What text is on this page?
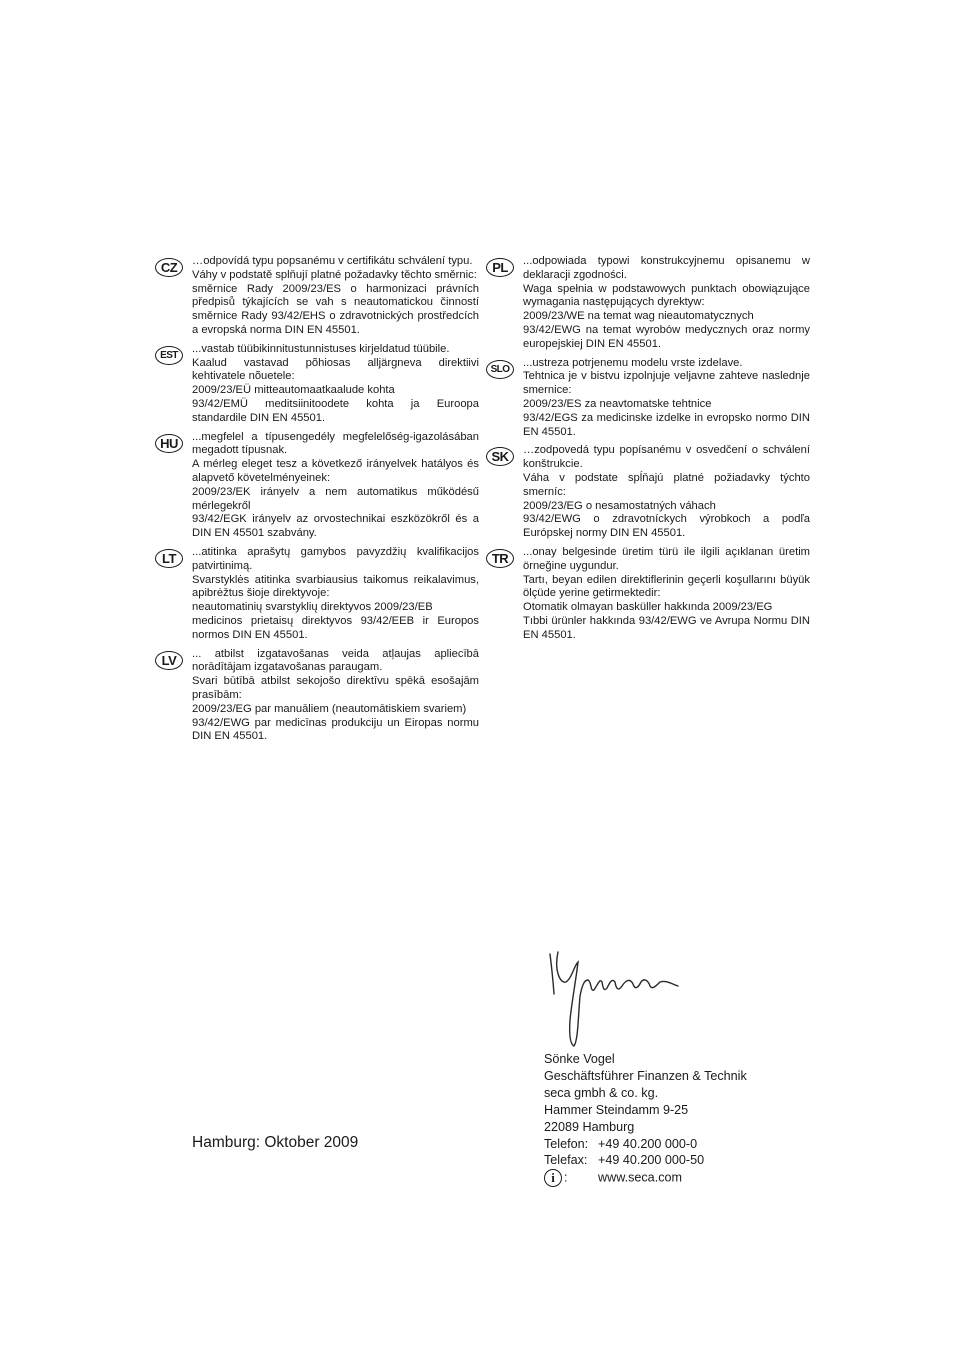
CZ	…odpovídá typu popsanému v certifikátu schválení typu.

Váhy v podstatě splňují platné požadavky těchto směrnic:

směrnice Rady 2009/23/ES o harmonizaci právních předpisů týkajících se vah s neautomatickou činností směrnice Rady 93/42/EHS o zdravotnických prostředcích a evropská norma DIN EN 45501.

EST

...vastab tüübikinnitustunnistuses kirjeldatud tüübile.

Kaalud vastavad põhiosas alljärgneva direktiivi kehtivatele nõuetele:

2009/23/EÜ mitteautomaatkaalude kohta

93/42/EMÜ meditsiinitoodete kohta ja Euroopa standardile DIN EN 45501.

HU	...megfelel a típusengedély megfelelőség-igazolásában megadott típusnak.

A mérleg eleget tesz a következő irányelvek hatályos és alapvető követelményeinek:

2009/23/EK irányelv a nem automatikus működésű mérlegekről

93/42/EGK irányelv az orvostechnikai eszközökről és a DIN EN 45501 szabvány.

LT	...atitinka aprašytų gamybos pavyzdžių kvalifikacijos patvirtinimą.

Svarstyklės atitinka svarbiausius taikomus reikalavimus, apibrėžtus šioje direktyvoje:

neautomatinių svarstyklių direktyvos 2009/23/EB

medicinos prietaisų direktyvos 93/42/EEB ir Europos normos DIN EN 45501.

LV	... atbilst izgatavošanas veida atļaujas apliecībā norādītājam izgatavošanas paraugam.

Svari būtībā atbilst sekojošo direktīvu spēkā esošajām prasībām:

2009/23/EG par manuāliem (neautomātiskiem svariem)

93/42/EWG par medicīnas produkciju un Eiropas normu DIN EN 45501.

PL	...odpowiada typowi konstrukcyjnemu opisanemu w deklaracji zgodności.

Waga spełnia w podstawowych punktach obowiązujące wymagania następujących dyrektyw:

2009/23/WE na temat wag nieautomatycznych

93/42/EWG na temat wyrobów medycznych oraz normy europejskiej DIN EN 45501.

SLO

...ustreza potrjenemu modelu vrste izdelave.

Tehtnica je v bistvu izpolnjuje veljavne zahteve naslednje smernice:

2009/23/ES za neavtomatske tehtnice

93/42/EGS za medicinske izdelke in evropsko normo DIN EN 45501.

SK	…zodpovedá typu popísanému v osvedčení o schválení konštrukcie.

Váha v podstate spĺňajú platné požiadavky týchto smerníc:

2009/23/EG o nesamostatných váhach

93/42/EWG o zdravotníckych výrobkoch a podľa Európskej normy DIN EN 45501.

TR	...onay belgesinde üretim türü ile ilgili açıklanan üretim örneğine uygundur.

Tartı, beyan edilen direktiflerinin geçerli koşullarını büyük ölçüde yerine getirmektedir:

Otomatik olmayan basküller hakkında 2009/23/EG

Tıbbi ürünler hakkında 93/42/EWG ve Avrupa Normu DIN EN 45501.

Hamburg: Oktober 2009
Sönke Vogel
Geschäftsführer Finanzen & Technik
seca gmbh & co. kg.
Hammer Steindamm 9-25
22089 Hamburg
Telefon: +49 40.200 000-0
Telefax: +49 40.200 000-50
i : www.seca.com
